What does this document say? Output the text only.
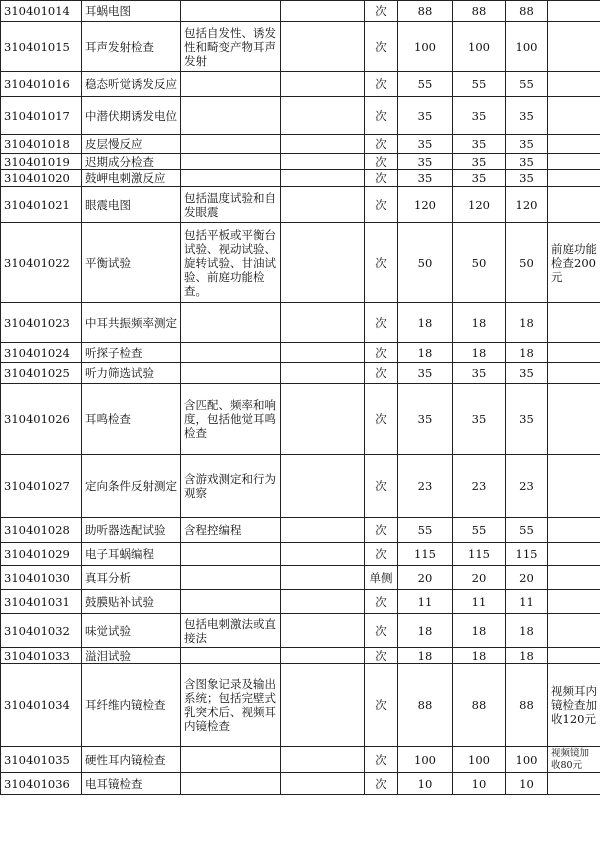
310401014	耳蜗电图			次	88	88	88	
310401015	耳声发射检查	包括自发性、诱发性和畸变产物耳声发射		次	100	100	100	
310401016	稳态听觉诱发反应			次	55	55	55	
310401017	中潜伏期诱发电位			次	35	35	35	
310401018	皮层慢反应			次	35	35	35	
310401019	迟期成分检查			次	35	35	35	
310401020	鼓岬电刺激反应			次	35	35	35	
310401021	眼震电图	包括温度试验和自发眼震		次	120	120	120	
310401022	平衡试验	包括平板或平衡台试验、视动试验、旋转试验、甘油试验、前庭功能检查。		次	50	50	50	前庭功能检查200元
310401023	中耳共振频率测定			次	18	18	18	
310401024	听探子检查			次	18	18	18	
310401025	听力筛选试验			次	35	35	35	
310401026	耳鸣检查	含匹配、频率和响度，包括他觉耳鸣检查		次	35	35	35	
310401027	定向条件反射测定	含游戏测定和行为观察		次	23	23	23	
310401028	助听器选配试验	含程控编程		次	55	55	55	
310401029	电子耳蜗编程			次	115	115	115	
310401030	真耳分析			单侧	20	20	20	
310401031	鼓膜贴补试验			次	11	11	11	
310401032	味觉试验	包括电刺激法或直接法		次	18	18	18	
310401033	溢泪试验			次	18	18	18	
310401034	耳纤维内镜检查	含图象记录及输出系统；包括完壁式乳突术后、视频耳内镜检查		次	88	88	88	视频耳内镜检查加收120元
310401035	硬性耳内镜检查			次	100	100	100	视频镜加收80元
310401036	电耳镜检查			次	10	10	10	
